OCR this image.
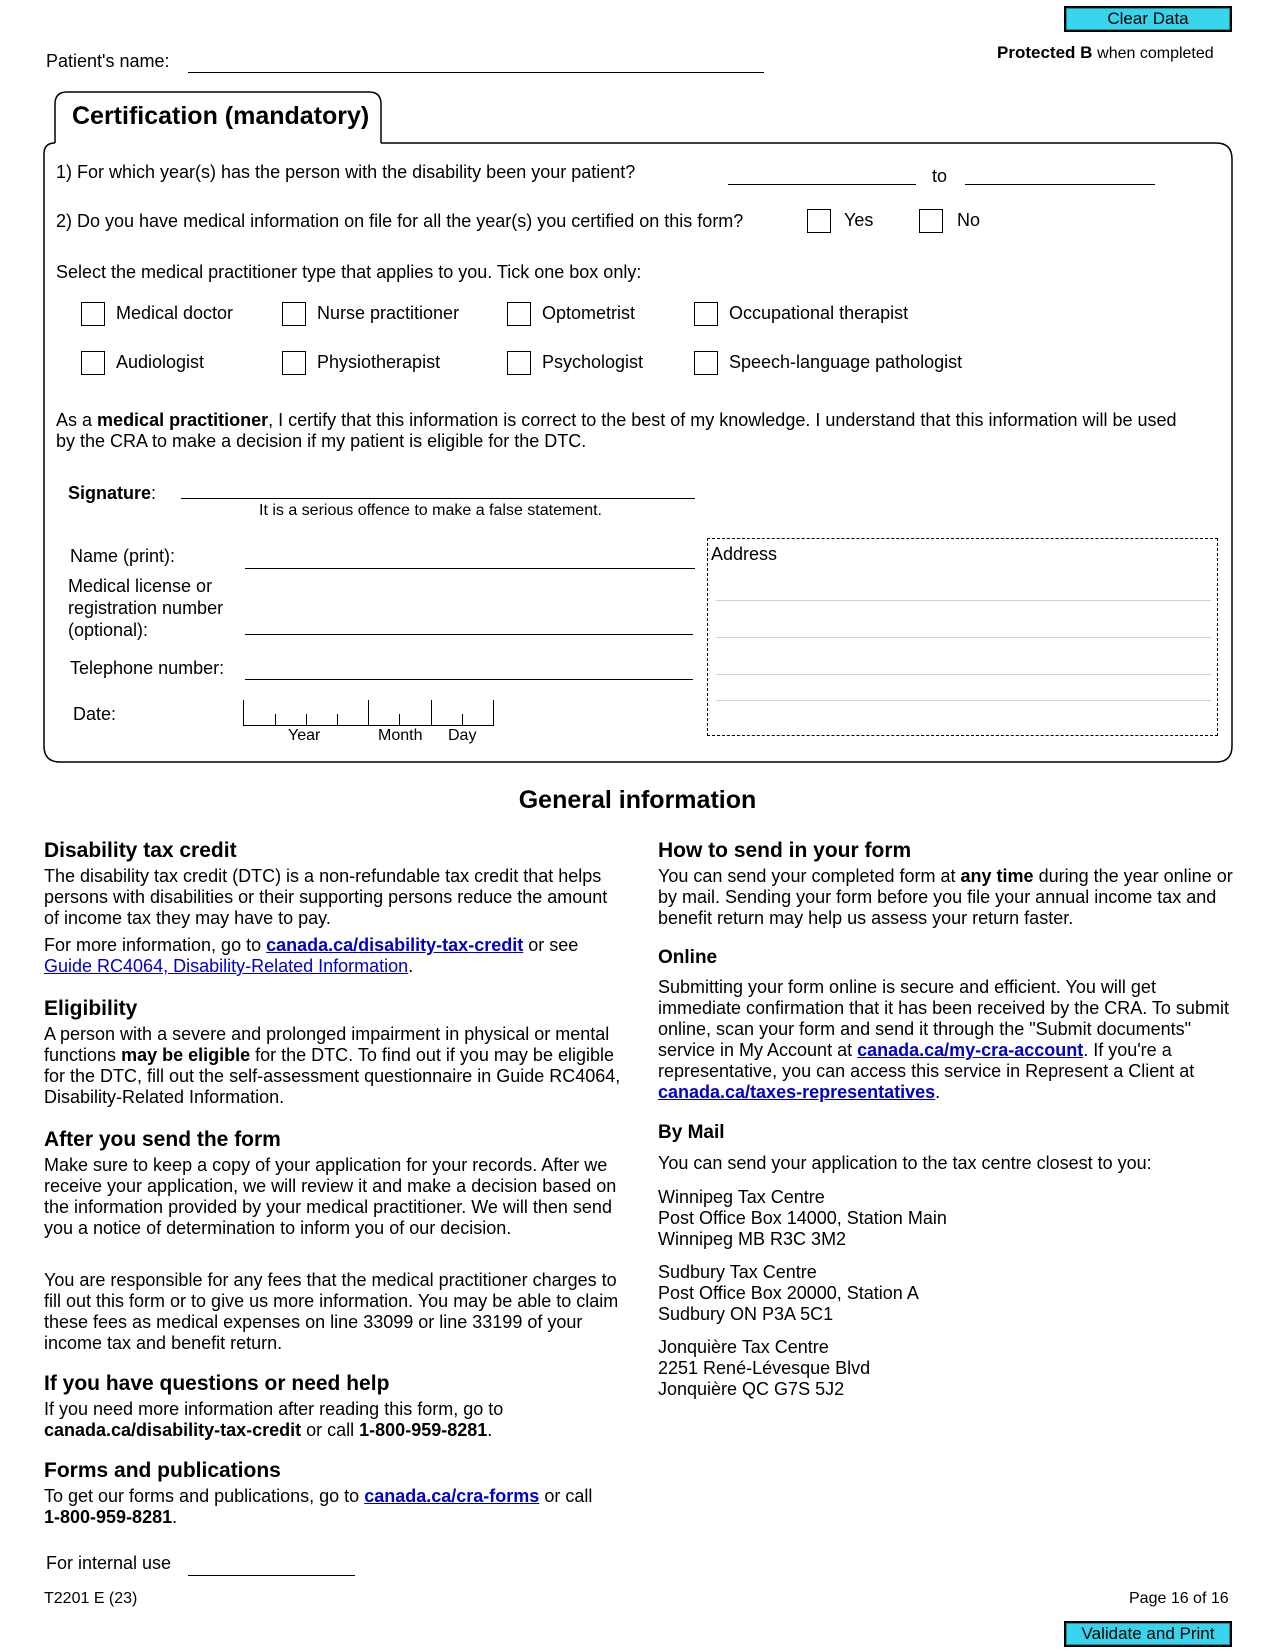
Clear Data
Patient's name:	Protected B when completed
Certification (mandatory)
1) For which year(s) has the person with the disability been your patient?	to
2) Do you have medical information on file for all the year(s) you certified on this form?	Yes	No
Select the medical practitioner type that applies to you. Tick one box only:
Medical doctor	Nurse practitioner	Optometrist	Occupational therapist
Audiologist	Physiotherapist	Psychologist	Speech-language pathologist
As a medical practitioner, I certify that this information is correct to the best of my knowledge. I understand that this information will be used by the CRA to make a decision if my patient is eligible for the DTC.
Signature:
It is a serious offence to make a false statement.
Name (print):
Medical license or
registration number
(optional):
Telephone number:
Date:
Year	Month Day
Address
General information
Disability tax credit
The disability tax credit (DTC) is a non-refundable tax credit that helps persons with disabilities or their supporting persons reduce the amount of income tax they may have to pay.
For more information, go to canada.ca/disability-tax-credit or see
Guide RC4064, Disability-Related Information.
Eligibility
A person with a severe and prolonged impairment in physical or mental functions may be eligible for the DTC. To find out if you may be eligible for the DTC, fill out the self-assessment questionnaire in Guide RC4064, Disability-Related Information.
After you send the form
Make sure to keep a copy of your application for your records. After we receive your application, we will review it and make a decision based on the information provided by your medical practitioner. We will then send you a notice of determination to inform you of our decision.
You are responsible for any fees that the medical practitioner charges to fill out this form or to give us more information. You may be able to claim these fees as medical expenses on line 33099 or line 33199 of your income tax and benefit return.
If you have questions or need help
If you need more information after reading this form, go to canada.ca/disability-tax-credit or call 1-800-959-8281.
Forms and publications
To get our forms and publications, go to canada.ca/cra-forms or call 1-800-959-8281.
How to send in your form
You can send your completed form at any time during the year online or by mail. Sending your form before you file your annual income tax and benefit return may help us assess your return faster.
Online
Submitting your form online is secure and efficient. You will get immediate confirmation that it has been received by the CRA. To submit online, scan your form and send it through the "Submit documents" service in My Account at canada.ca/my-cra-account. If you're a representative, you can access this service in Represent a Client at canada.ca/taxes-representatives.
By Mail
You can send your application to the tax centre closest to you:
Winnipeg Tax Centre
Post Office Box 14000, Station Main
Winnipeg MB R3C 3M2
Sudbury Tax Centre
Post Office Box 20000, Station A
Sudbury ON P3A 5C1
Jonquière Tax Centre
2251 René-Lévesque Blvd
Jonquière QC G7S 5J2
For internal use
T2201 E (23)	Page 16 of 16
Validate and Print
